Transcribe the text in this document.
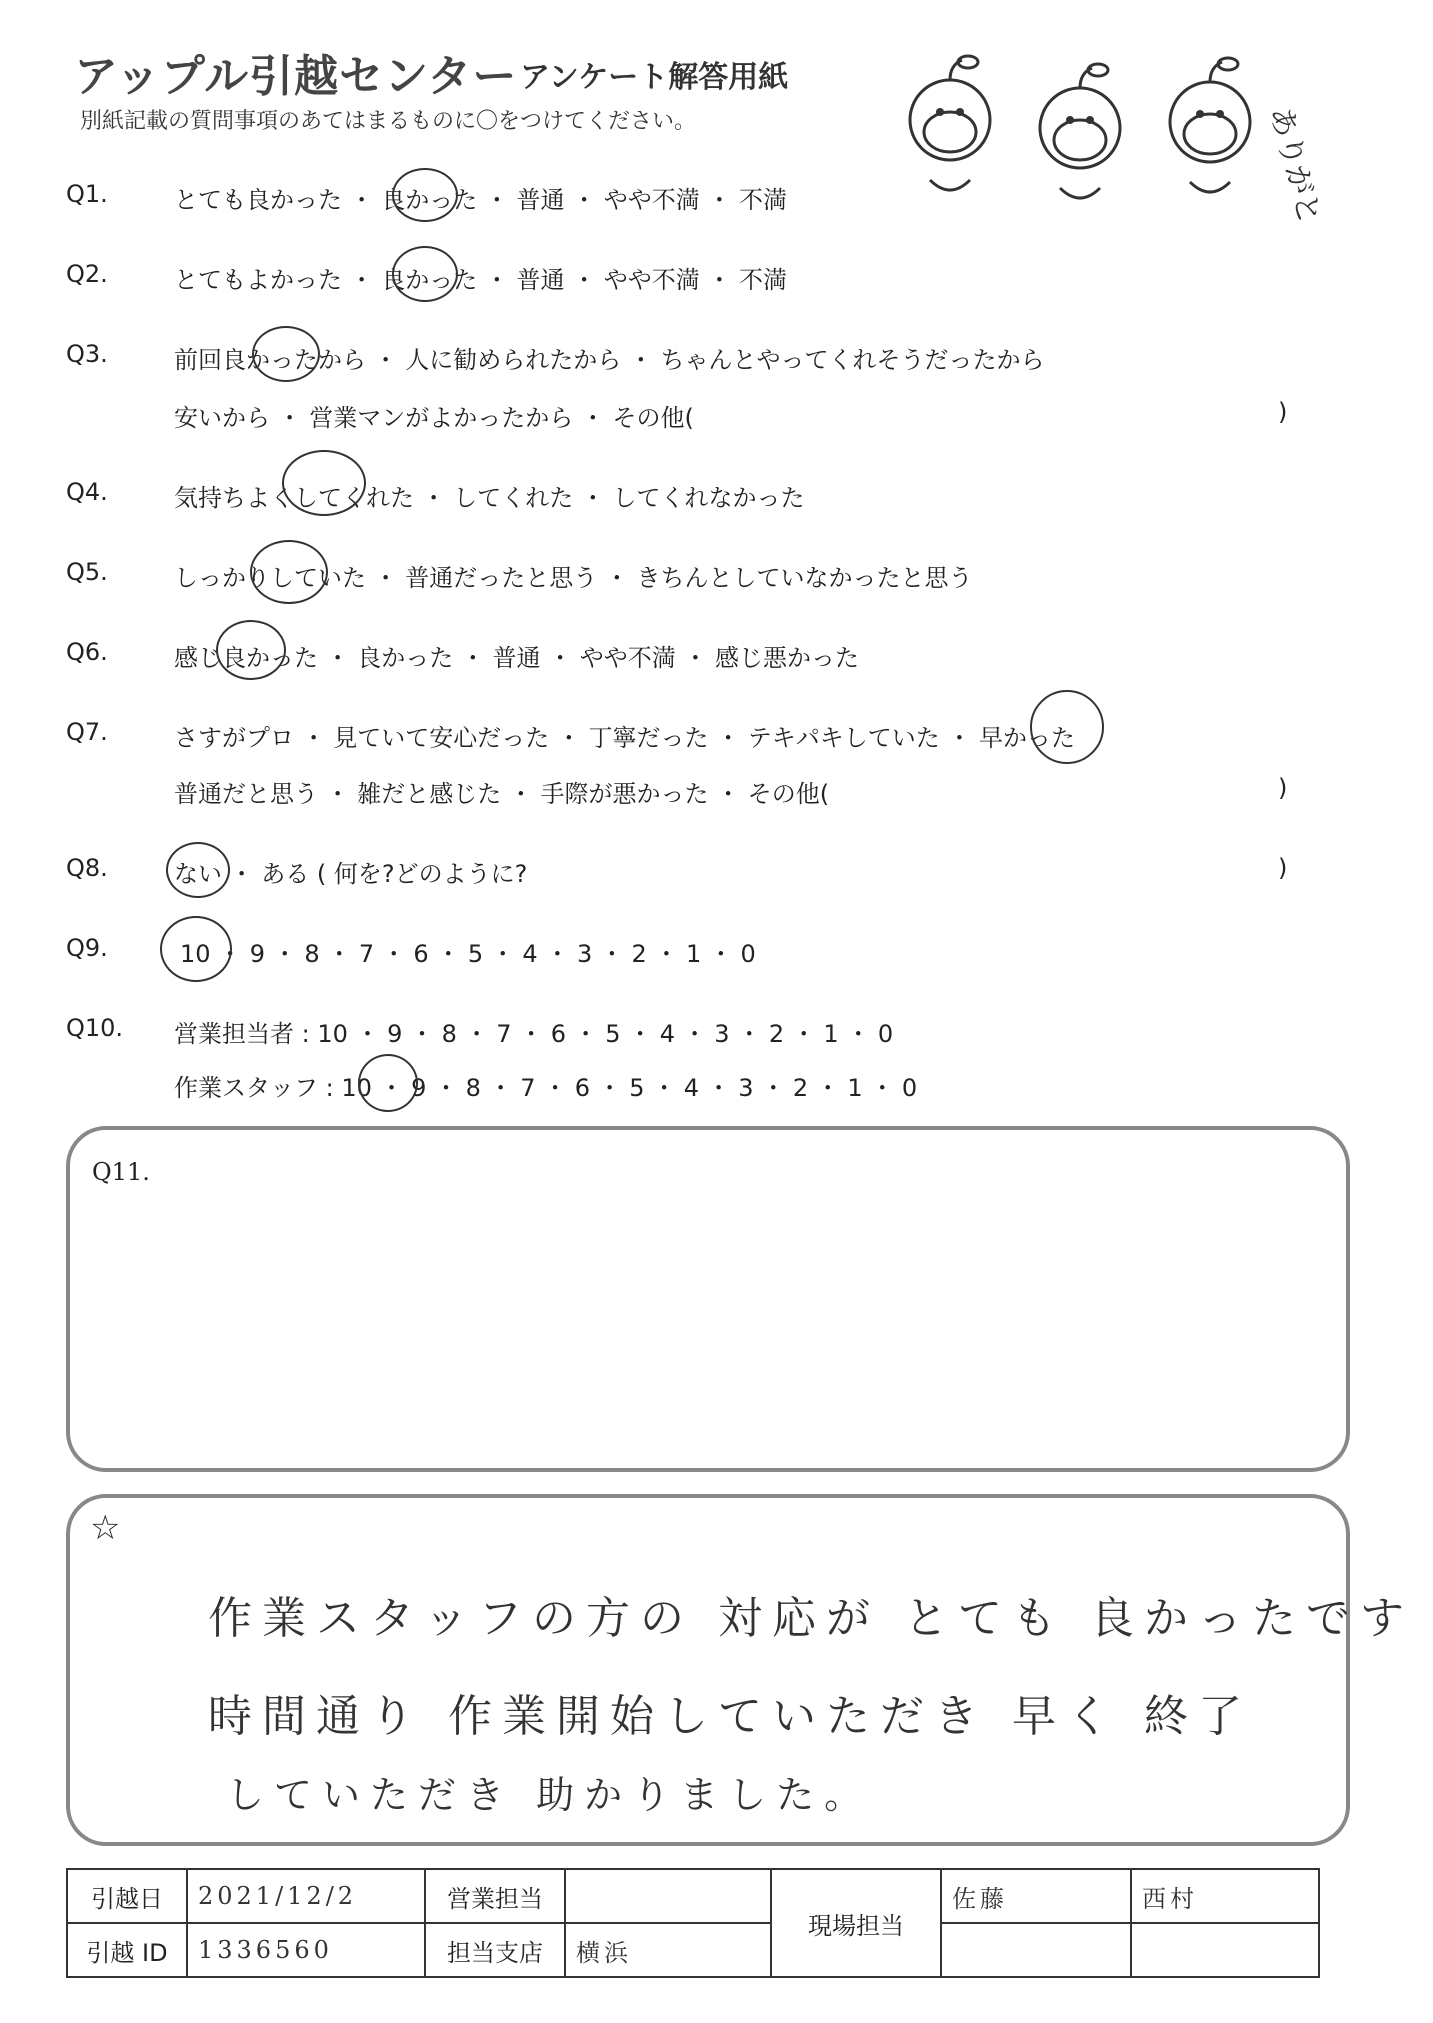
アップル引越センター アンケート解答用紙
別紙記載の質問事項のあてはまるものに〇をつけてください。	ありがとう
Q1.	とても良かった ・ 良かった ・ 普通 ・ やや不満 ・ 不満
Q2.	とてもよかった ・ 良かった ・ 普通 ・ やや不満 ・ 不満
Q3.	前回良かったから ・ 人に勧められたから ・ ちゃんとやってくれそうだったから
安いから ・ 営業マンがよかったから ・ その他(	)
Q4.	気持ちよくしてくれた ・ してくれた ・ してくれなかった
Q5.	しっかりしていた ・ 普通だったと思う ・ きちんとしていなかったと思う
Q6.	感じ良かった ・ 良かった ・ 普通 ・ やや不満 ・ 感じ悪かった
Q7.	さすがプロ ・ 見ていて安心だった ・ 丁寧だった ・ テキパキしていた ・ 早かった
普通だと思う ・ 雑だと感じた ・ 手際が悪かった ・ その他(	)
Q8.	ない ・ ある ( 何を?どのように?	)
Q9.	10 ・ 9 ・ 8 ・ 7 ・ 6 ・ 5 ・ 4 ・ 3 ・ 2 ・ 1 ・ 0
Q10. 営業担当者 : 10 ・ 9 ・ 8 ・ 7 ・ 6 ・ 5 ・ 4 ・ 3 ・ 2 ・ 1 ・ 0
作業スタッフ : 10 ・ 9 ・ 8 ・ 7 ・ 6 ・ 5 ・ 4 ・ 3 ・ 2 ・ 1 ・ 0
Q11.
☆
作業スタッフの方の 対応が とても 良かったです
時間通り 作業開始していただき 早く 終了
していただき 助かりました。
引越日	2021/12/2	営業担当		現場担当	佐藤	西村
引越 ID	1336560	担当支店	横浜			
